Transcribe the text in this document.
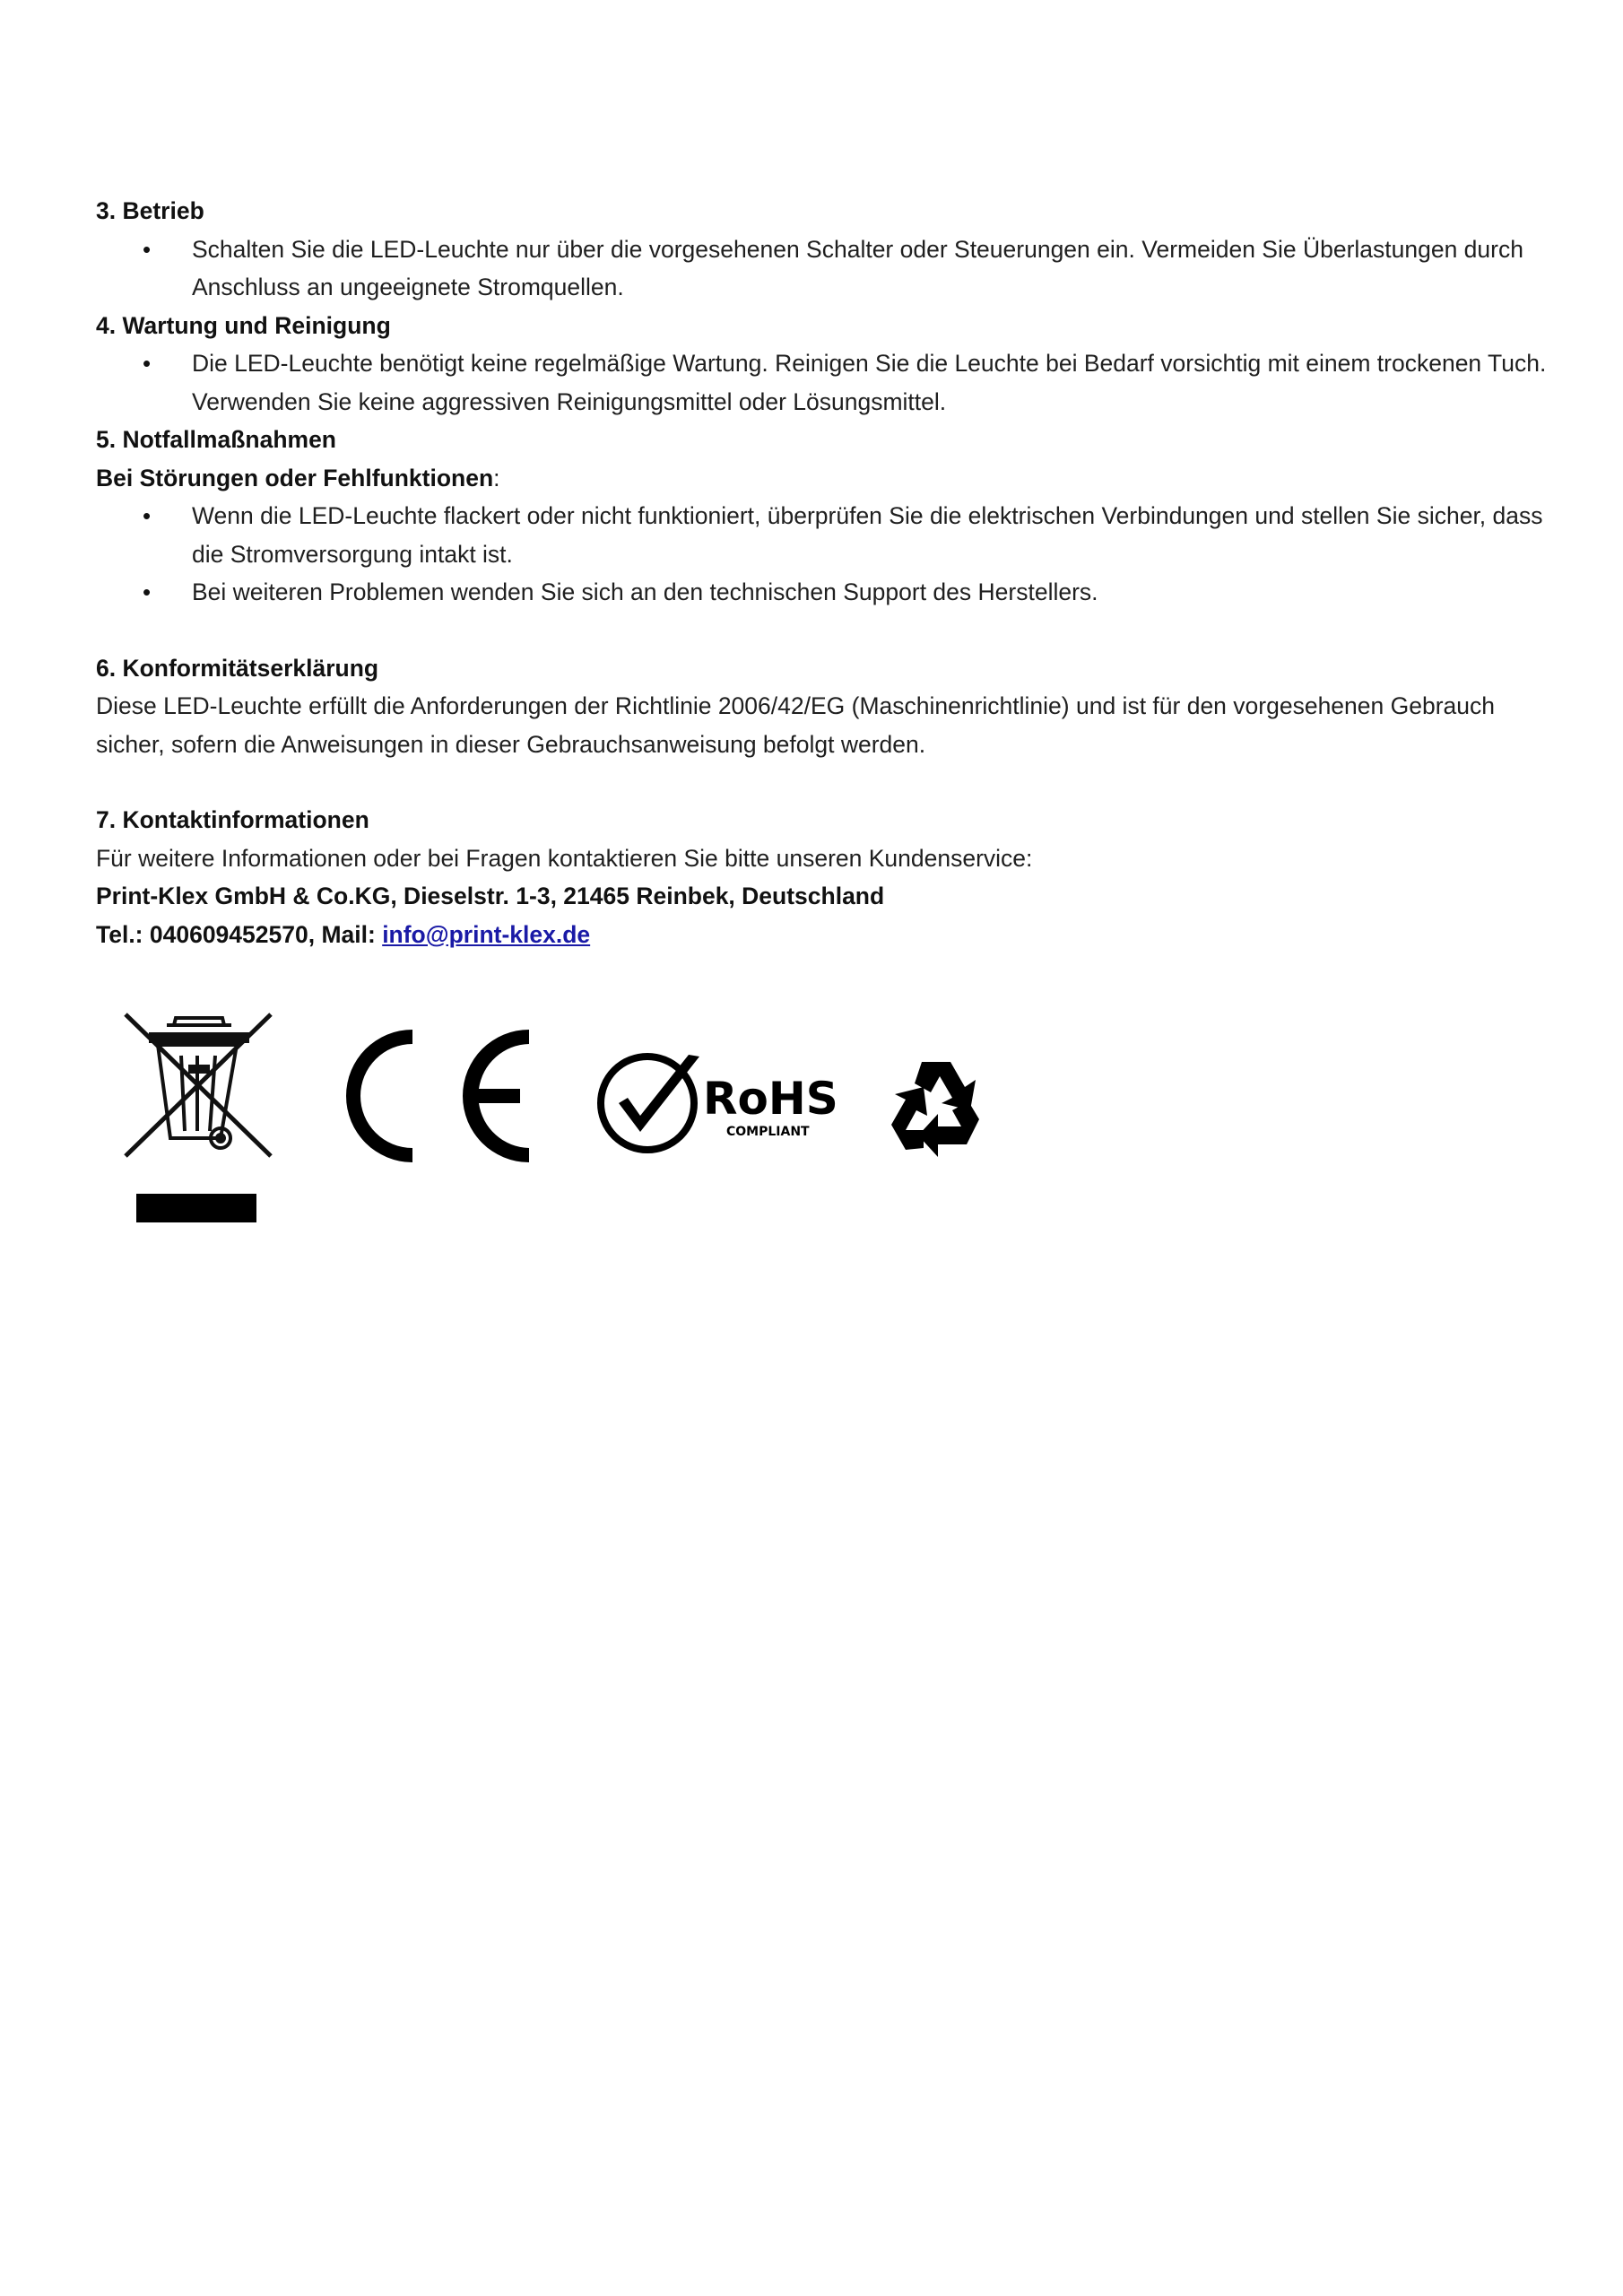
3. Betrieb

• Schalten Sie die LED-Leuchte nur über die vorgesehenen Schalter oder Steuerungen ein. Vermeiden Sie Überlastungen durch Anschluss an ungeeignete Stromquellen.

4. Wartung und Reinigung

• Die LED-Leuchte benötigt keine regelmäßige Wartung. Reinigen Sie die Leuchte bei Bedarf vorsichtig mit einem trockenen Tuch. Verwenden Sie keine aggressiven Reinigungsmittel oder Lösungsmittel.

5. Notfallmaßnahmen

Bei Störungen oder Fehlfunktionen:

• Wenn die LED-Leuchte flackert oder nicht funktioniert, überprüfen Sie die elektrischen Verbindungen und stellen Sie sicher, dass die Stromversorgung intakt ist.
• Bei weiteren Problemen wenden Sie sich an den technischen Support des Herstellers.

6. Konformitätserklärung

Diese LED-Leuchte erfüllt die Anforderungen der Richtlinie 2006/42/EG (Maschinenrichtlinie) und ist für den vorgesehenen Gebrauch sicher, sofern die Anweisungen in dieser Gebrauchsanweisung befolgt werden.

7. Kontaktinformationen

Für weitere Informationen oder bei Fragen kontaktieren Sie bitte unseren Kundenservice:

Print-Klex GmbH & Co.KG, Dieselstr. 1-3, 21465 Reinbek, Deutschland

Tel.: 040609452570, Mail: info@print-klex.de

RoHS
COMPLIANT
